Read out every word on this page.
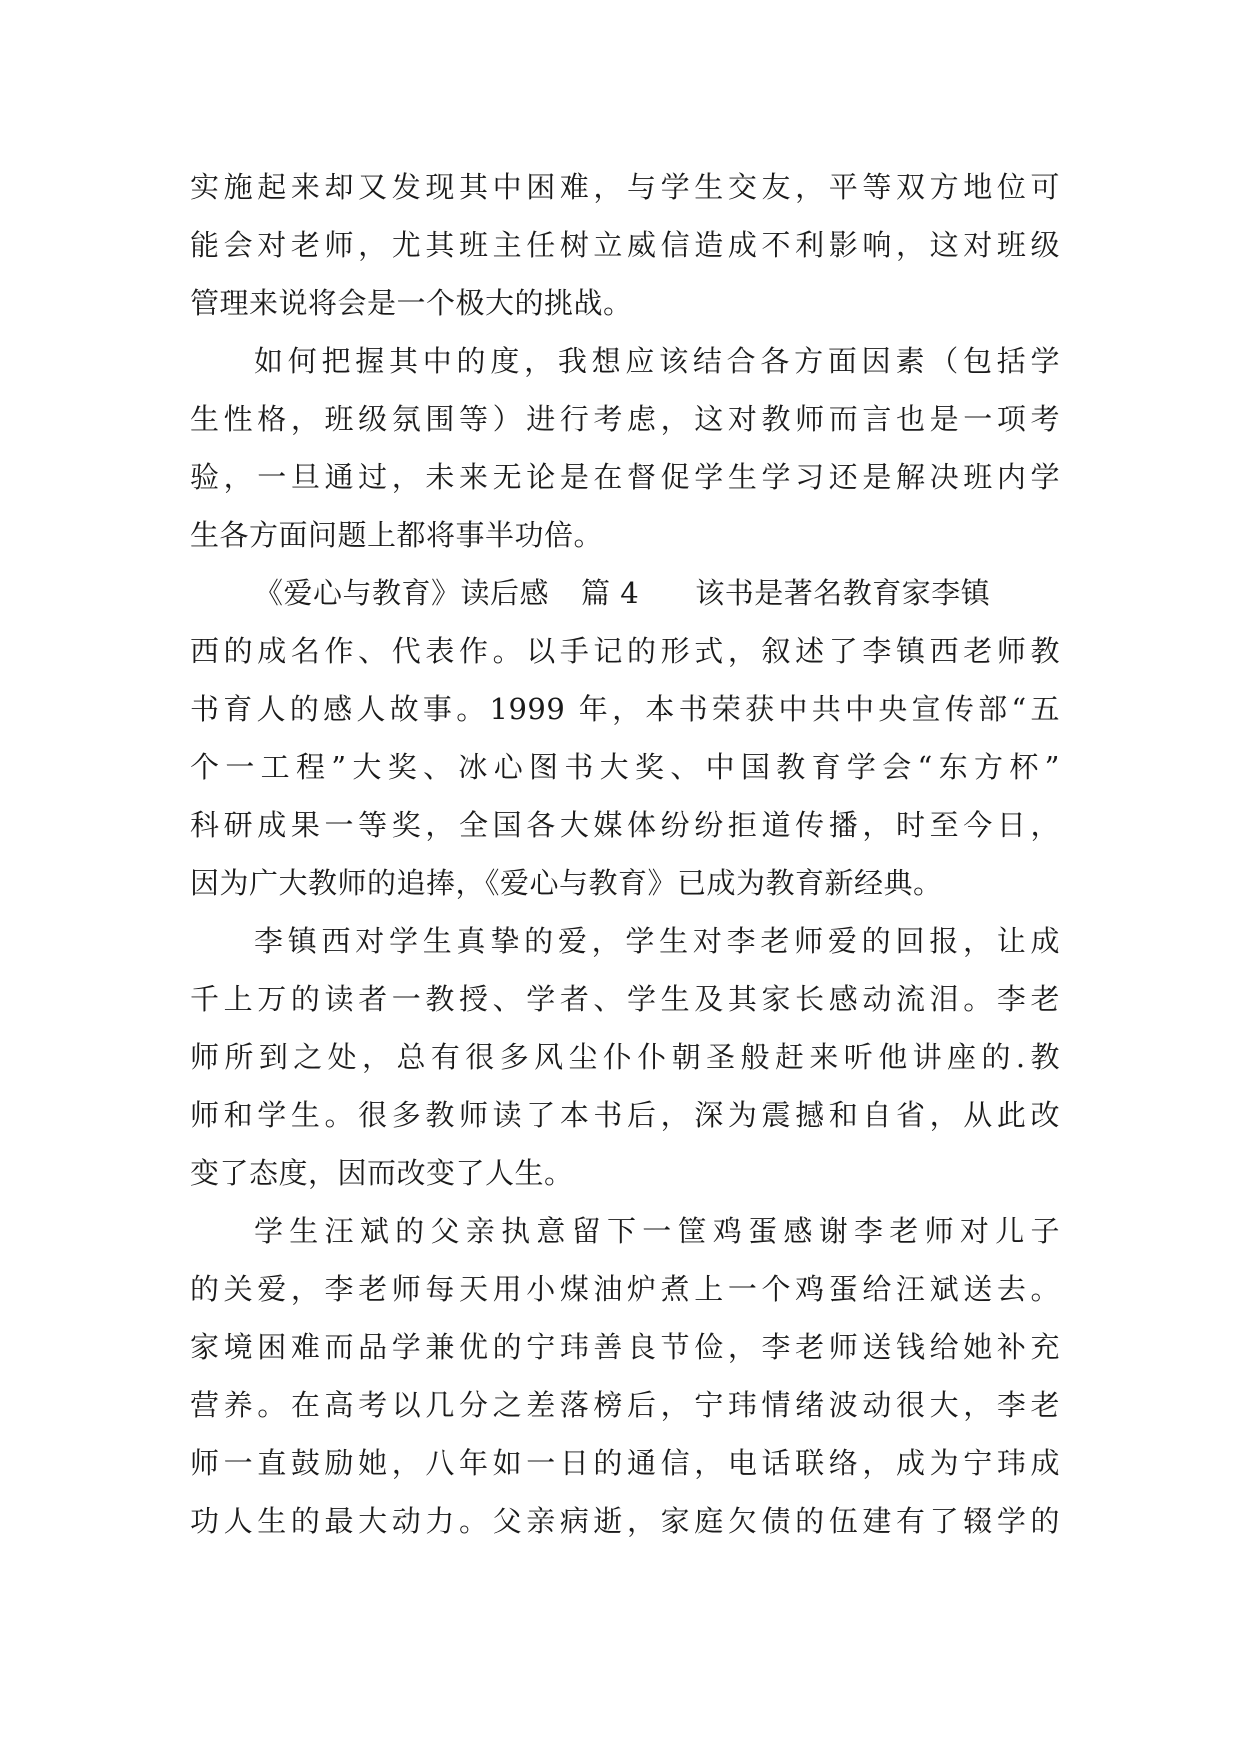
实施起来却又发现其中困难，与学生交友，平等双方地位可
能会对老师，尤其班主任树立威信造成不利影响，这对班级
管理来说将会是一个极大的挑战。
如何把握其中的度，我想应该结合各方面因素（包括学
生性格，班级氛围等）进行考虑，这对教师而言也是一项考
验，一旦通过，未来无论是在督促学生学习还是解决班内学
生各方面问题上都将事半功倍。
《爱心与教育》读后感 篇 4 该书是著名教育家李镇
西的成名作、代表作。以手记的形式，叙述了李镇西老师教
书育人的感人故事。1999 年，本书荣获中共中央宣传部“五
个一工程”大奖、冰心图书大奖、中国教育学会“东方杯”
科研成果一等奖，全国各大媒体纷纷拒道传播，时至今日，
因为广大教师的追捧，《爱心与教育》已成为教育新经典。
李镇西对学生真挚的爱，学生对李老师爱的回报，让成
千上万的读者一教授、学者、学生及其家长感动流泪。李老
师所到之处，总有很多风尘仆仆朝圣般赶来听他讲座的.教
师和学生。很多教师读了本书后，深为震撼和自省，从此改
变了态度，因而改变了人生。
学生汪斌的父亲执意留下一筐鸡蛋感谢李老师对儿子
的关爱，李老师每天用小煤油炉煮上一个鸡蛋给汪斌送去。
家境困难而品学兼优的宁玮善良节俭，李老师送钱给她补充
营养。在高考以几分之差落榜后，宁玮情绪波动很大，李老
师一直鼓励她，八年如一日的通信，电话联络，成为宁玮成
功人生的最大动力。父亲病逝，家庭欠债的伍建有了辍学的
